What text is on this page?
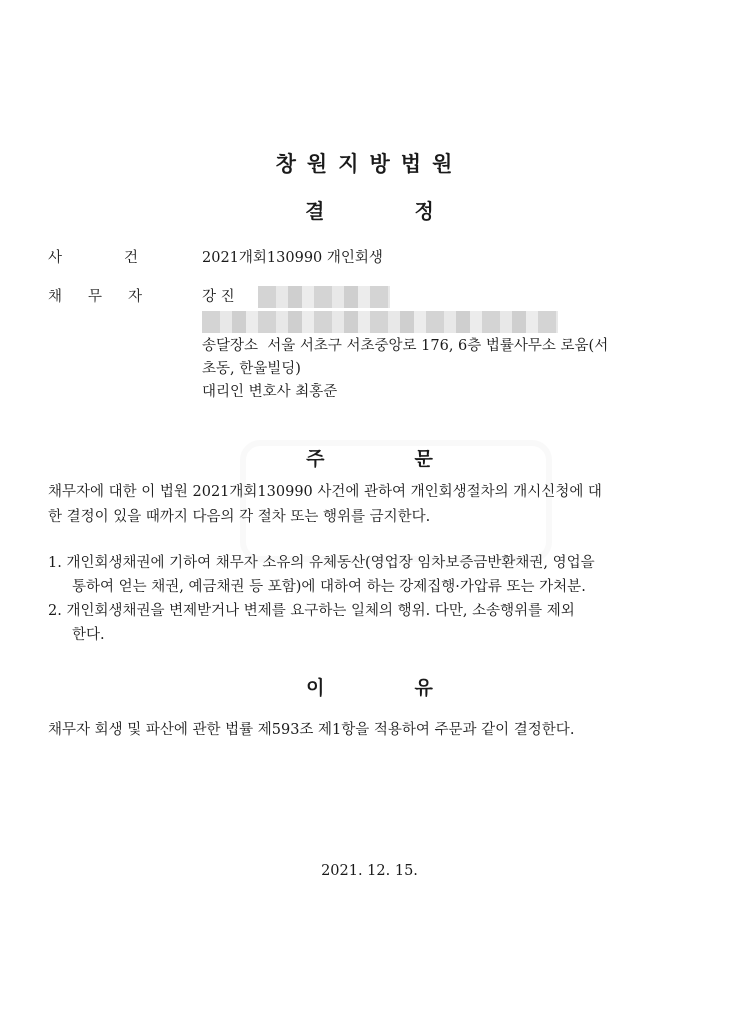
창원지방법원
결	정
사	건	2021개회130990 개인회생
채 무 자	강 진
송달장소 서울 서초구 서초중앙로 176, 6층 법률사무소 로움(서
초동, 한울빌딩)
대리인 변호사 최홍준
주	문
채무자에 대한 이 법원 2021개회130990 사건에 관하여 개인회생절차의 개시신청에 대
한 결정이 있을 때까지 다음의 각 절차 또는 행위를 금지한다.
1. 개인회생채권에 기하여 채무자 소유의 유체동산(영업장 임차보증금반환채권, 영업을
통하여 얻는 채권, 예금채권 등 포함)에 대하여 하는 강제집행·가압류 또는 가처분.
2. 개인회생채권을 변제받거나 변제를 요구하는 일체의 행위. 다만, 소송행위를 제외
한다.
이	유
채무자 회생 및 파산에 관한 법률 제593조 제1항을 적용하여 주문과 같이 결정한다.
2021. 12. 15.
